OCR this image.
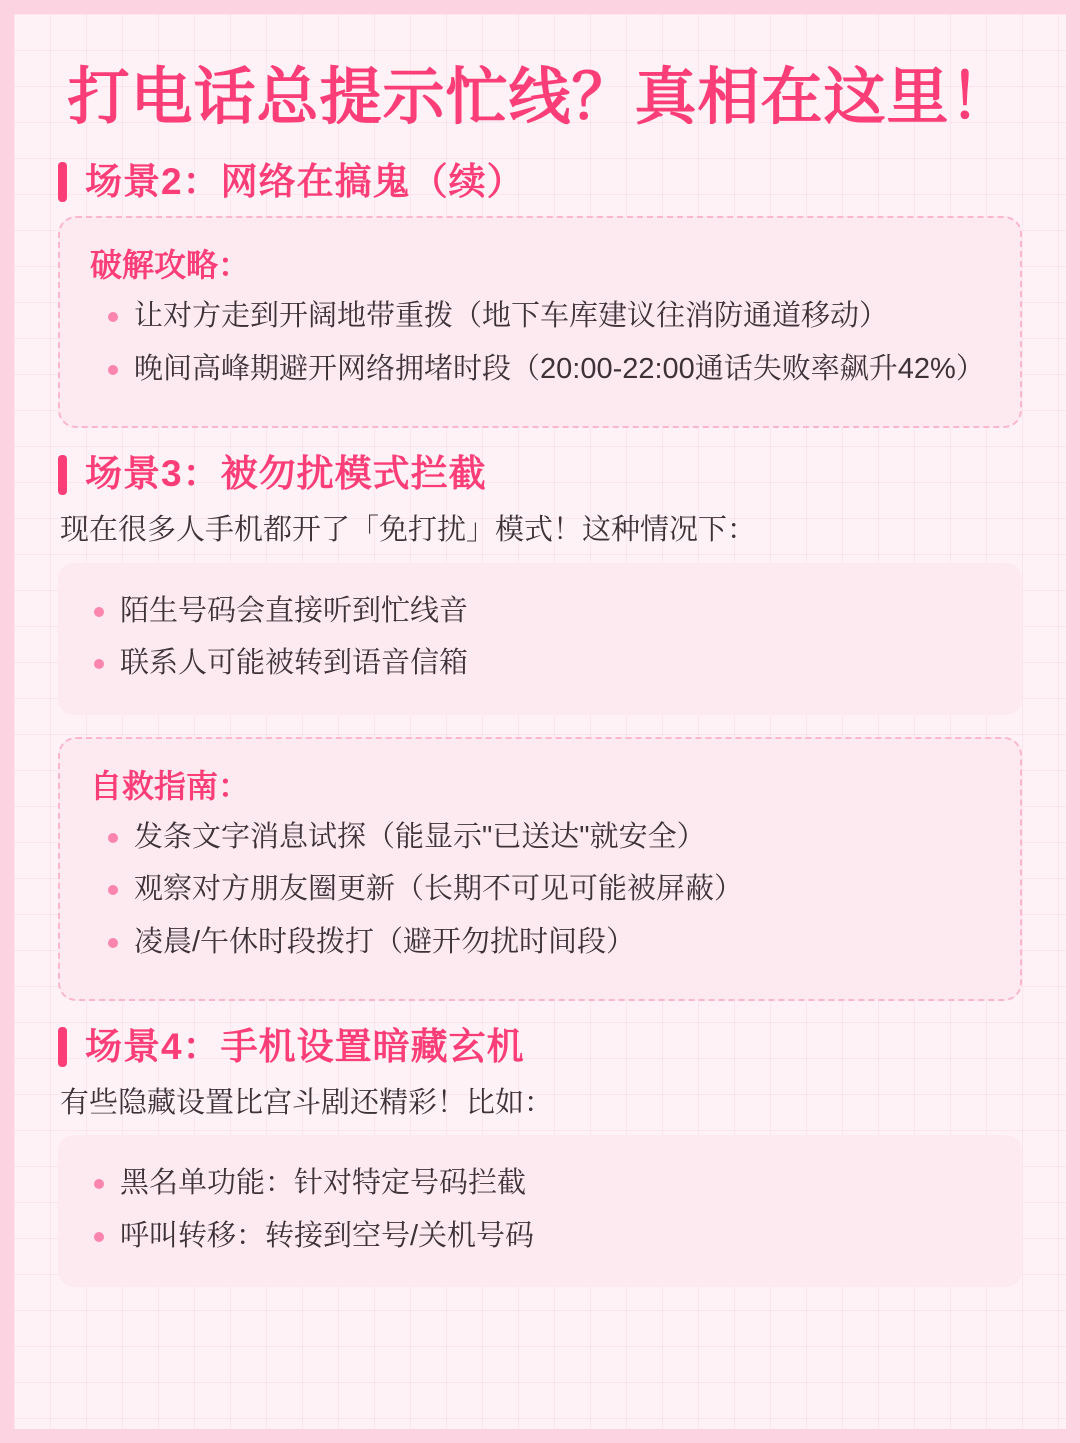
打电话总提示忙线？真相在这里！
场景2：网络在搞鬼（续）
破解攻略：
让对方走到开阔地带重拨（地下车库建议往消防通道移动）
晚间高峰期避开网络拥堵时段（20:00-22:00通话失败率飙升42%）
场景3：被勿扰模式拦截

现在很多人手机都开了「免打扰」模式！这种情况下：

陌生号码会直接听到忙线音
联系人可能被转到语音信箱
自救指南：
发条文字消息试探（能显示"已送达"就安全）
观察对方朋友圈更新（长期不可见可能被屏蔽）
凌晨/午休时段拨打（避开勿扰时间段）
场景4：手机设置暗藏玄机

有些隐藏设置比宫斗剧还精彩！比如：

黑名单功能：针对特定号码拦截
呼叫转移：转接到空号/关机号码
